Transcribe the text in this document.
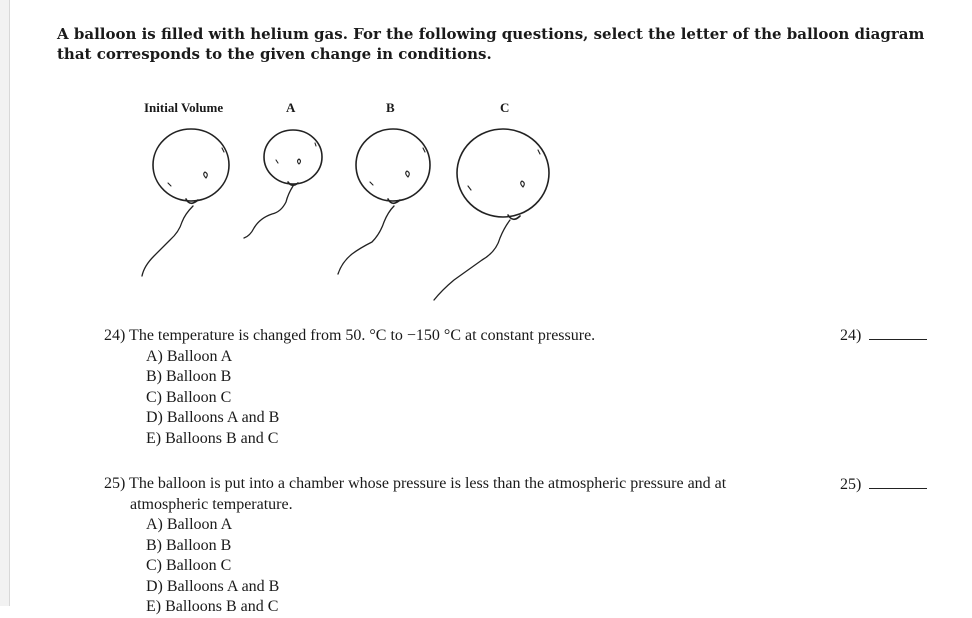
A balloon is filled with helium gas. For the following questions, select the letter of the balloon diagram that corresponds to the given change in conditions.

Initial Volume	A	B	C

24) The temperature is changed from 50. °C to −150 °C at constant pressure.

A) Balloon A
B) Balloon B
C) Balloon C
D) Balloons A and B
E) Balloons B and C
24)

25) The balloon is put into a chamber whose pressure is less than the atmospheric pressure and at

atmospheric temperature.

A) Balloon A
B) Balloon B
C) Balloon C
D) Balloons A and B
E) Balloons B and C
25)
